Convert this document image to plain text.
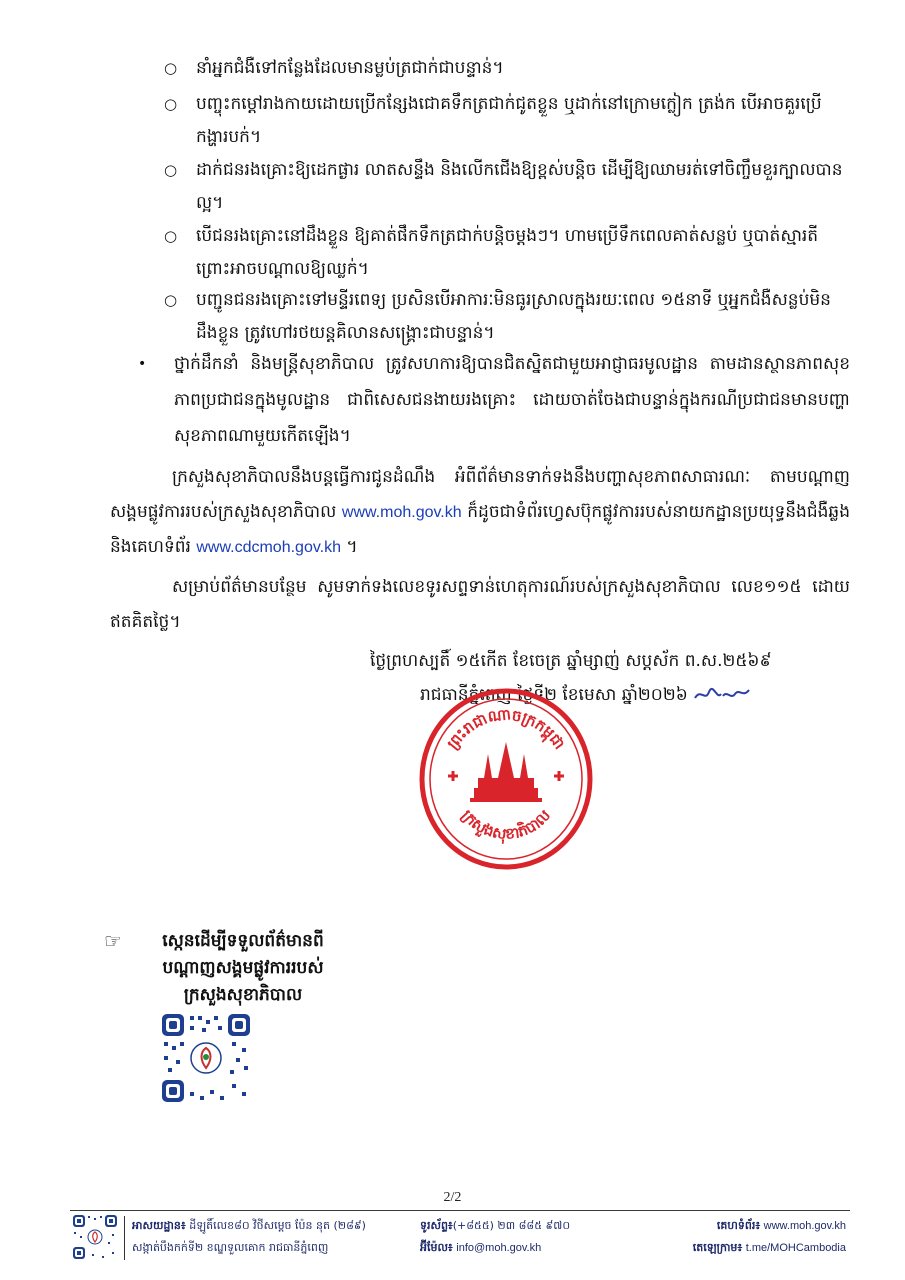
○	នាំអ្នកជំងឺទៅកន្លែងដែលមានម្លប់ត្រជាក់ជាបន្ទាន់។
○	បញ្ចុះកម្តៅរាងកាយដោយប្រើកន្សែងជោគទឹកត្រជាក់ជូតខ្លួន ឬដាក់នៅក្រោមក្លៀក ត្រង់ក បើអាចគួរប្រើកង្ហារបក់។
○	ដាក់ជនរងគ្រោះឱ្យដេកផ្ងារ លាតសន្ទឹង និងលើកជើងឱ្យខ្ពស់បន្តិច ដើម្បីឱ្យឈាមរត់ទៅចិញ្ចឹមខួរក្បាលបានល្អ។
○	បើជនរងគ្រោះនៅដឹងខ្លួន ឱ្យគាត់ផឹកទឹកត្រជាក់បន្តិចម្តងៗ។ ហាមប្រើទឹកពេលគាត់សន្លប់ ឬបាត់ស្មារតី ព្រោះអាចបណ្តាលឱ្យឈ្លក់។
○	បញ្ជូនជនរងគ្រោះទៅមន្ទីរពេទ្យ ប្រសិនបើអាការៈមិនធូរស្រាលក្នុងរយៈពេល ១៥នាទី ឬអ្នកជំងឺសន្លប់មិនដឹងខ្លួន ត្រូវហៅរថយន្តគិលានសង្គ្រោះជាបន្ទាន់។
• ថ្នាក់ដឹកនាំ និងមន្ត្រីសុខាភិបាល ត្រូវសហការឱ្យបានជិតស្និតជាមួយអាជ្ញាធរមូលដ្ឋាន តាមដានស្ថានភាពសុខភាពប្រជាជនក្នុងមូលដ្ឋាន ជាពិសេសជនងាយរងគ្រោះ ដោយចាត់ចែងជាបន្ទាន់ក្នុងករណីប្រជាជនមានបញ្ហាសុខភាពណាមួយកើតឡើង។
ក្រសួងសុខាភិបាលនឹងបន្តធ្វើការជូនដំណឹង អំពីព័ត៌មានទាក់ទងនឹងបញ្ហាសុខភាពសាធារណៈ តាមបណ្តាញសង្គមផ្លូវការរបស់ក្រសួងសុខាភិបាល www.moh.gov.kh ក៏ដូចជាទំព័រហ្វេសប៊ុកផ្លូវការរបស់នាយកដ្ឋានប្រយុទ្ធនឹងជំងឺឆ្លង និងគេហទំព័រ www.cdcmoh.gov.kh ។
សម្រាប់ព័ត៌មានបន្ថែម សូមទាក់ទងលេខទូរសព្ទទាន់ហេតុការណ៍របស់ក្រសួងសុខាភិបាល លេខ១១៥ ដោយឥតគិតថ្លៃ។
ថ្ងៃព្រហស្បតិ៍ ១៥កើត ខែចេត្រ ឆ្នាំម្សាញ់ សប្តស័ក ព.ស.២៥៦៩
រាជធានីភ្នំពេញ ថ្ងៃទី២ ខែមេសា ឆ្នាំ២០២៦
ព្រះរាជាណាចក្រកម្ពុជា
ក្រសួងសុខាភិបាល
☞	ស្កេនដើម្បីទទួលព័ត៌មានពី
បណ្តាញសង្គមផ្លូវការរបស់
ក្រសួងសុខាភិបាល
2/2
អាសយដ្ឋាន៖ ដីឡូតិ៍លេខ៨០ វិថីសម្តេច ប៉ែន នុត (២៨៩)
សង្កាត់បឹងកក់ទី២ ខណ្ឌទួលគោក រាជធានីភ្នំពេញ
ទូរស័ព្ទ៖(+៨៥៥) ២៣ ៨៨៥ ៩៧០
អ៊ីម៉ែល៖ info@moh.gov.kh
គេហទំព័រ៖ www.moh.gov.kh
តេឡេក្រាម៖ t.me/MOHCambodia
